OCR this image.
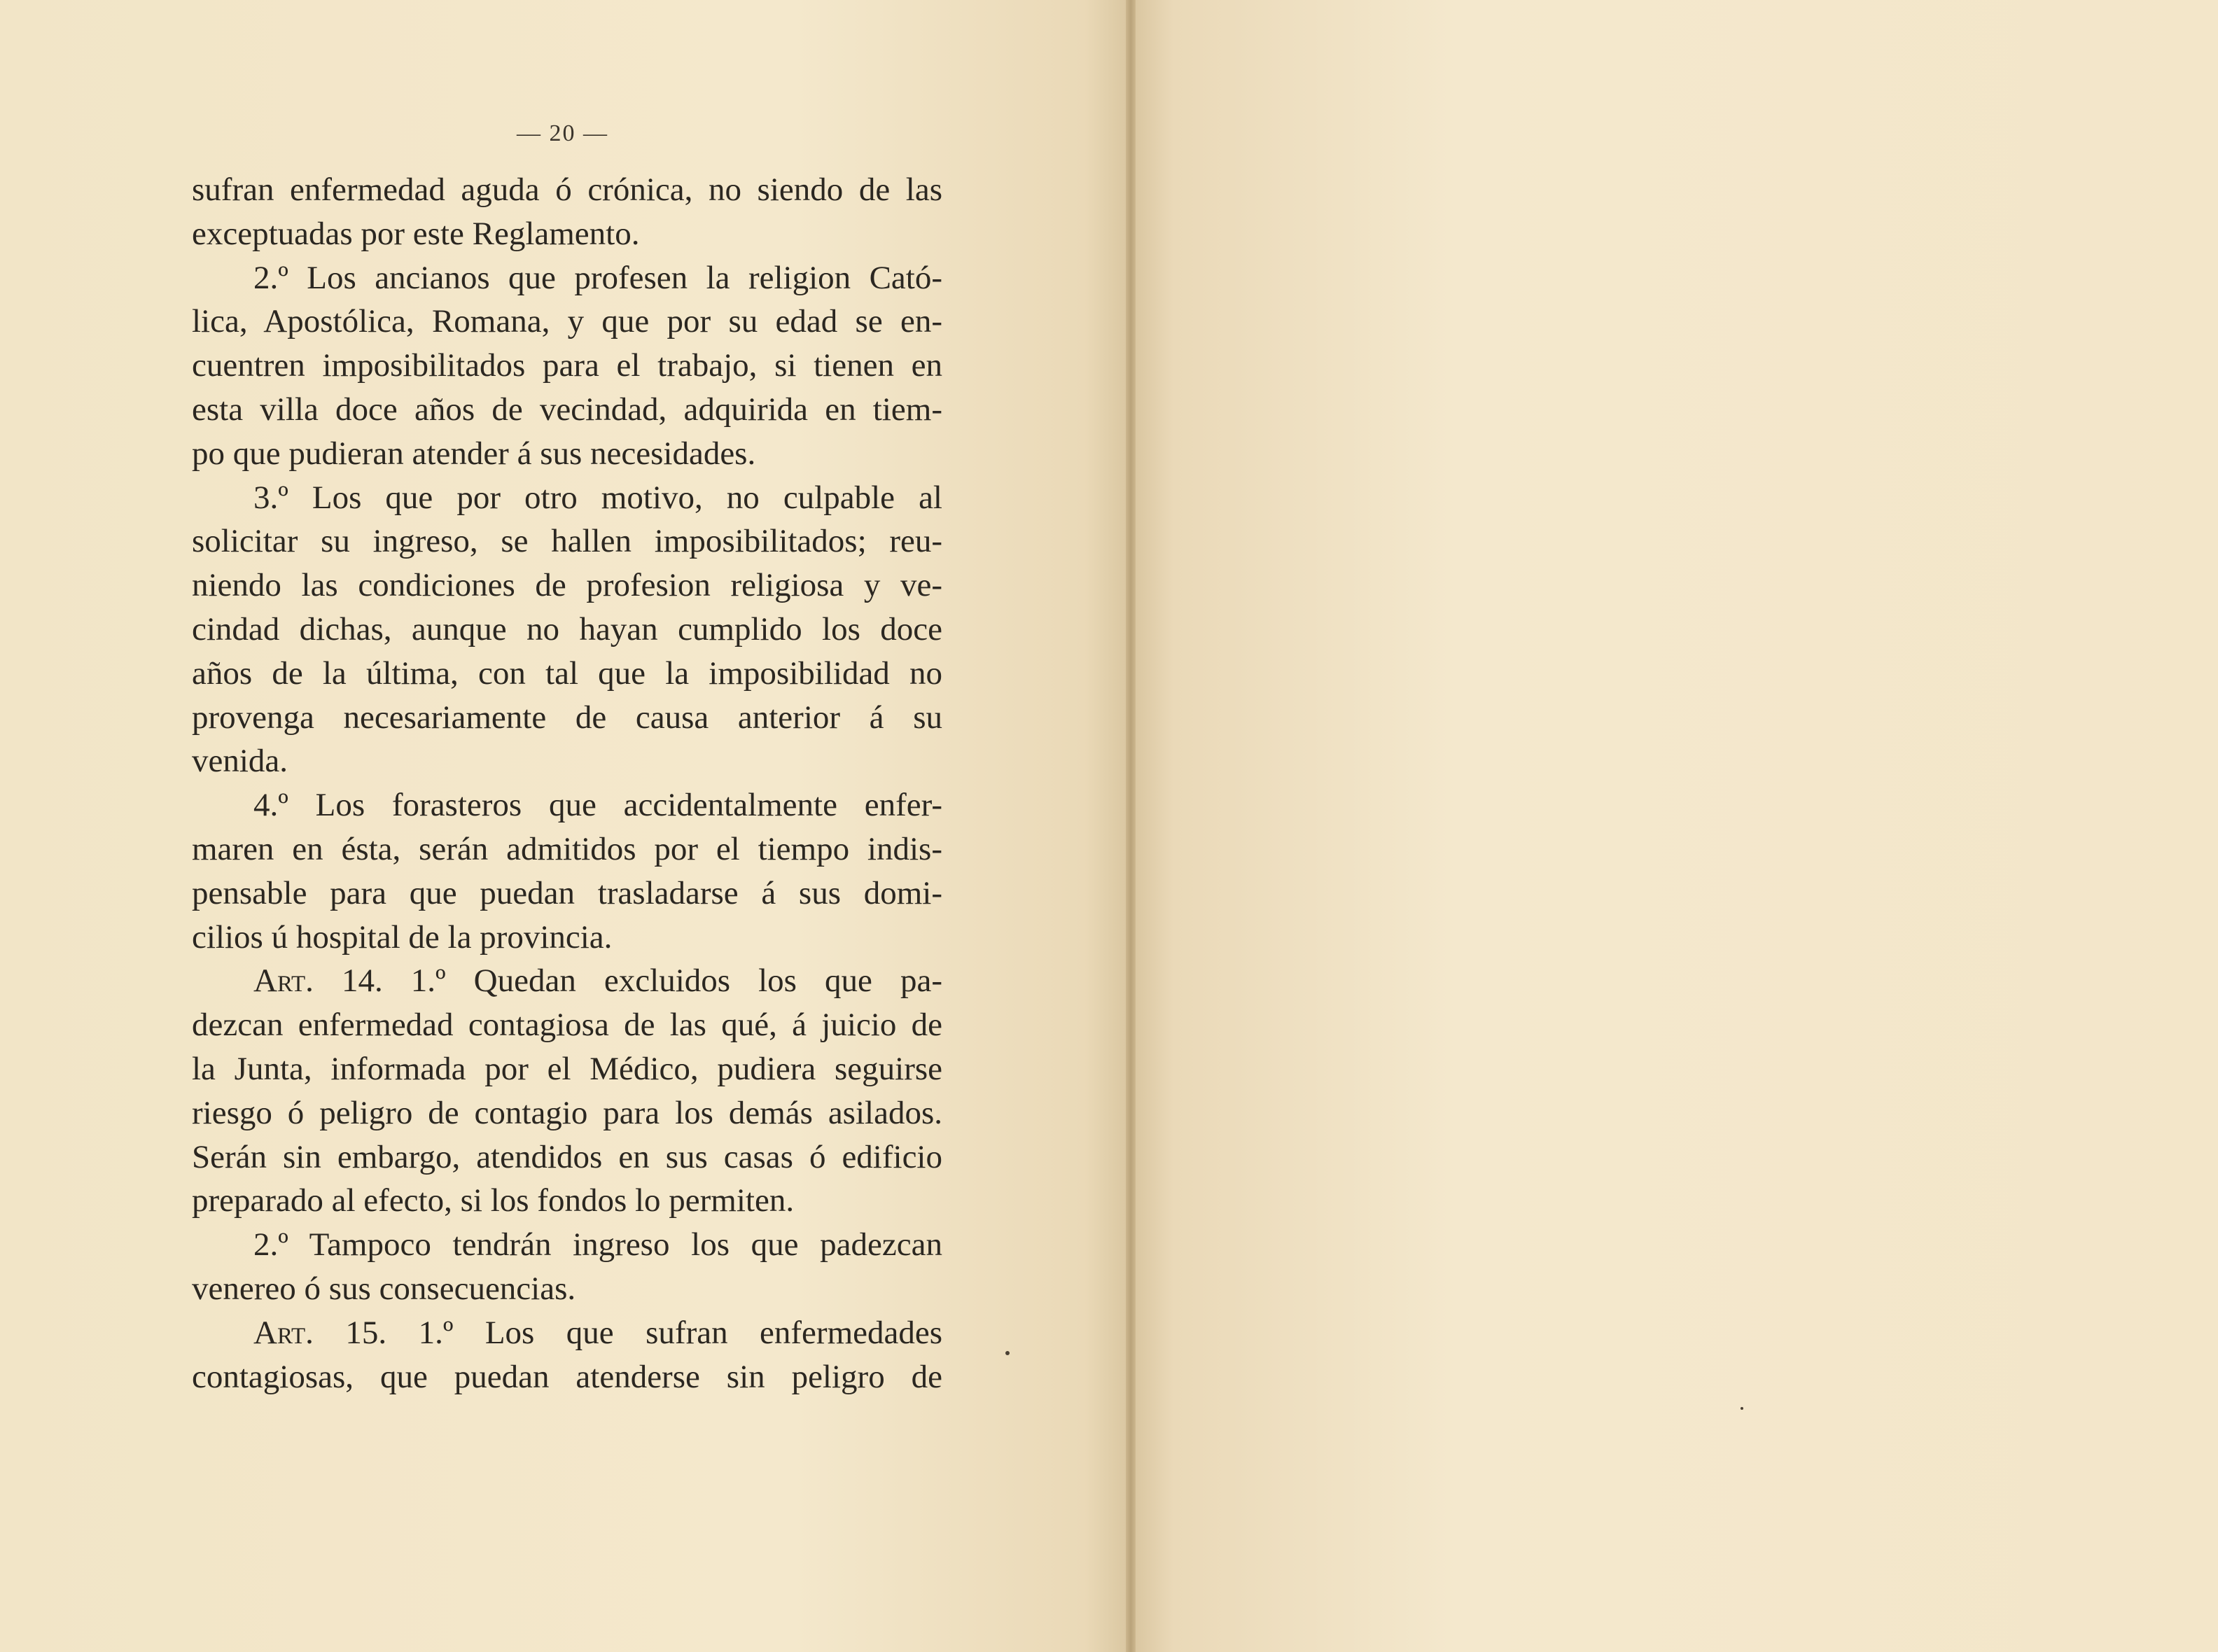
— 20 —
sufran enfermedad aguda ó crónica, no siendo de las
exceptuadas por este Reglamento.
2.º Los ancianos que profesen la religion Cató-
lica, Apostólica, Romana, y que por su edad se en-
cuentren imposibilitados para el trabajo, si tienen en
esta villa doce años de vecindad, adquirida en tiem-
po que pudieran atender á sus necesidades.
3.º Los que por otro motivo, no culpable al
solicitar su ingreso, se hallen imposibilitados; reu-
niendo las condiciones de profesion religiosa y ve-
cindad dichas, aunque no hayan cumplido los doce
años de la última, con tal que la imposibilidad no
provenga necesariamente de causa anterior á su
venida.
4.º Los forasteros que accidentalmente enfer-
maren en ésta, serán admitidos por el tiempo indis-
pensable para que puedan trasladarse á sus domi-
cilios ú hospital de la provincia.
Art. 14. 1.º Quedan excluidos los que pa-
dezcan enfermedad contagiosa de las qué, á juicio de
la Junta, informada por el Médico, pudiera seguirse
riesgo ó peligro de contagio para los demás asilados.
Serán sin embargo, atendidos en sus casas ó edificio
preparado al efecto, si los fondos lo permiten.
2.º Tampoco tendrán ingreso los que padezcan
venereo ó sus consecuencias.
Art. 15. 1.º Los que sufran enfermedades
contagiosas, que puedan atenderse sin peligro de
